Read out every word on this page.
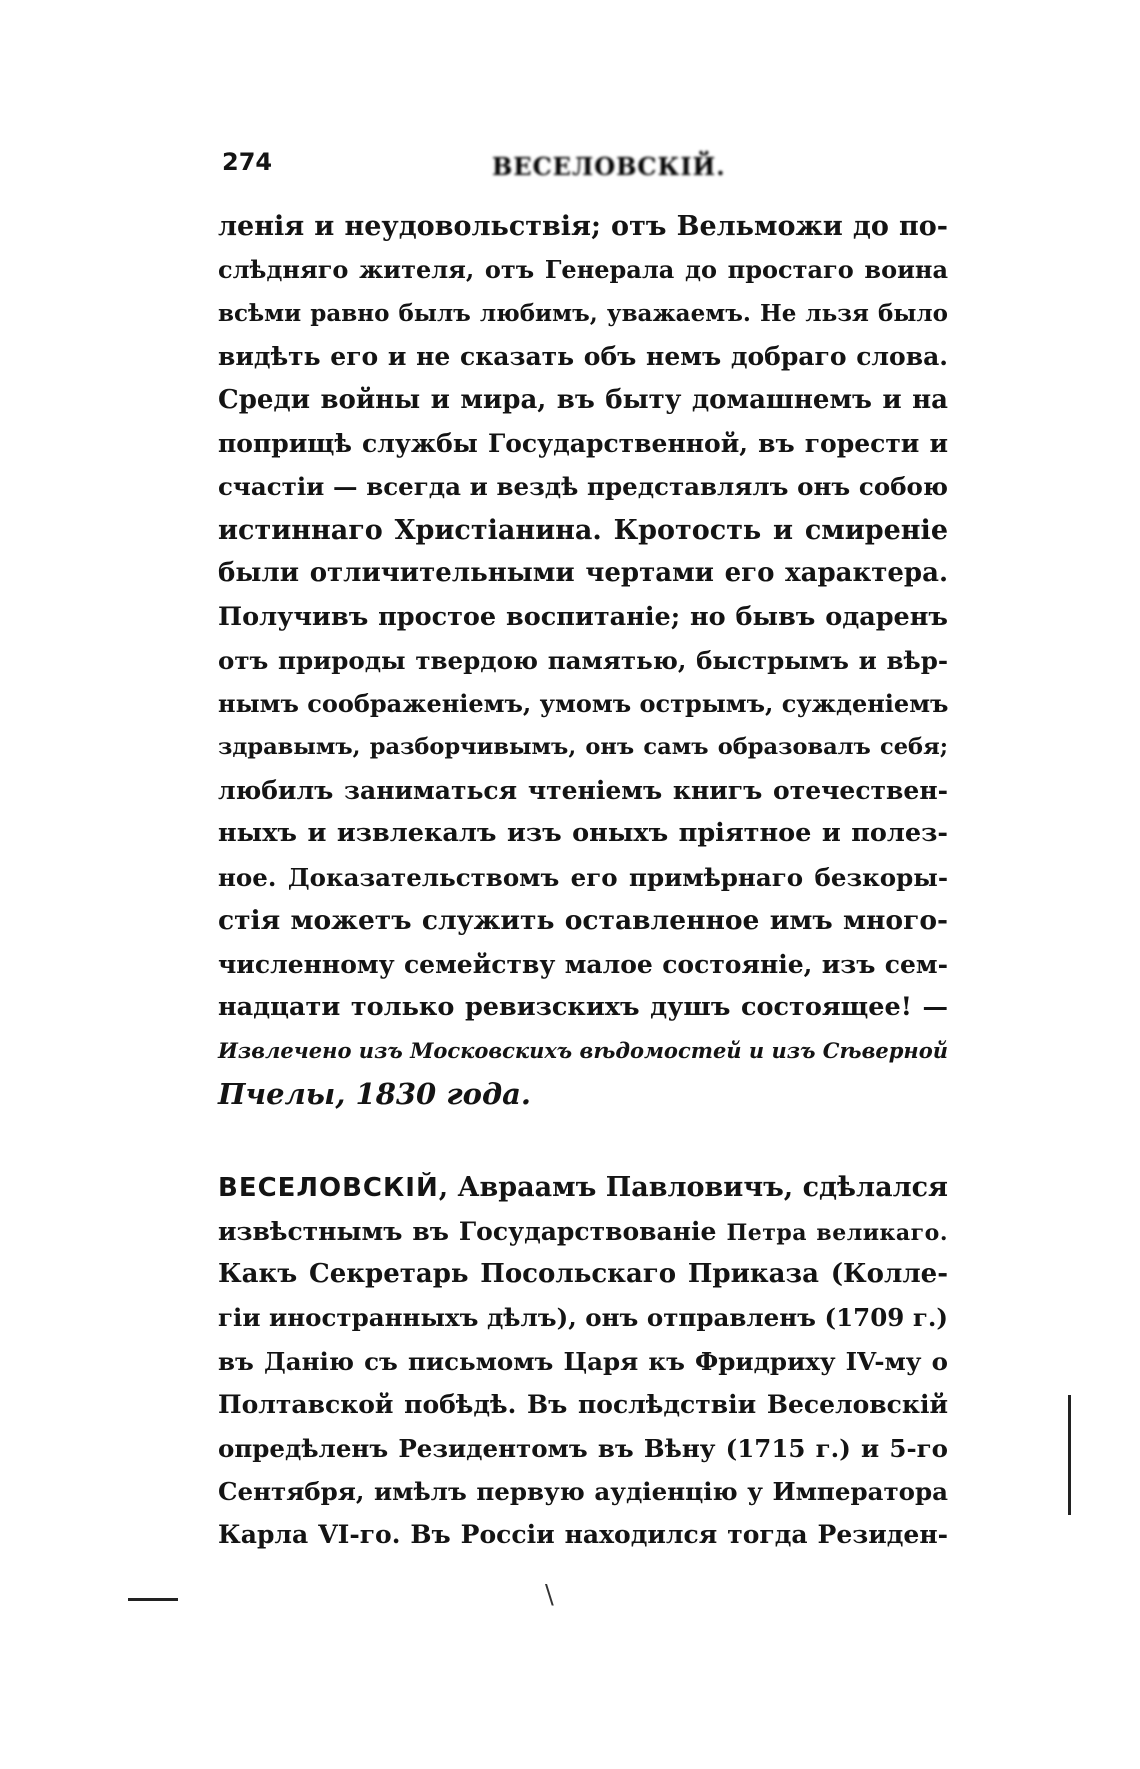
274	ВЕСЕЛОВСКІЙ.
ленія и неудовольствія; отъ Вельможи до по-
слѣдняго жителя, отъ Генерала до простаго воина
всѣми равно былъ любимъ, уважаемъ. Не льзя было
видѣть его и не сказать объ немъ добраго слова.
Среди войны и мира, въ быту домашнемъ и на
поприщѣ службы Государственной, въ горести и
счастіи — всегда и вездѣ представлялъ онъ собою
истиннаго Христіанина. Кротость и смиреніе
были отличительными чертами его характера.
Получивъ простое воспитаніе; но бывъ одаренъ
отъ природы твердою памятью, быстрымъ и вѣр-
нымъ соображеніемъ, умомъ острымъ, сужденіемъ
здравымъ, разборчивымъ, онъ самъ образовалъ себя;
любилъ заниматься чтеніемъ книгъ отечествен-
ныхъ и извлекалъ изъ оныхъ пріятное и полез-
ное. Доказательствомъ его примѣрнаго безкоры-
стія можетъ служить оставленное имъ много-
численному семейству малое состояніе, изъ сем-
надцати только ревизскихъ душъ состоящее! —
Извлечено изъ Московскихъ вѣдомостей и изъ Сѣверной
Пчелы, 1830 года.
ВЕСЕЛОВСКІЙ, Авраамъ Павловичъ, сдѣлался
извѣстнымъ въ Государствованіе Петра великаго.
Какъ Секретарь Посольскаго Приказа (Колле-
гіи иностранныхъ дѣлъ), онъ отправленъ (1709 г.)
въ Данію съ письмомъ Царя къ Фридриху IV-му о
Полтавской побѣдѣ. Въ послѣдствіи Веселовскій
опредѣленъ Резидентомъ въ Вѣну (1715 г.) и 5-го
Сентября, имѣлъ первую аудіенцію у Императора
Карла VI-го. Въ Россіи находился тогда Резиден-
\
